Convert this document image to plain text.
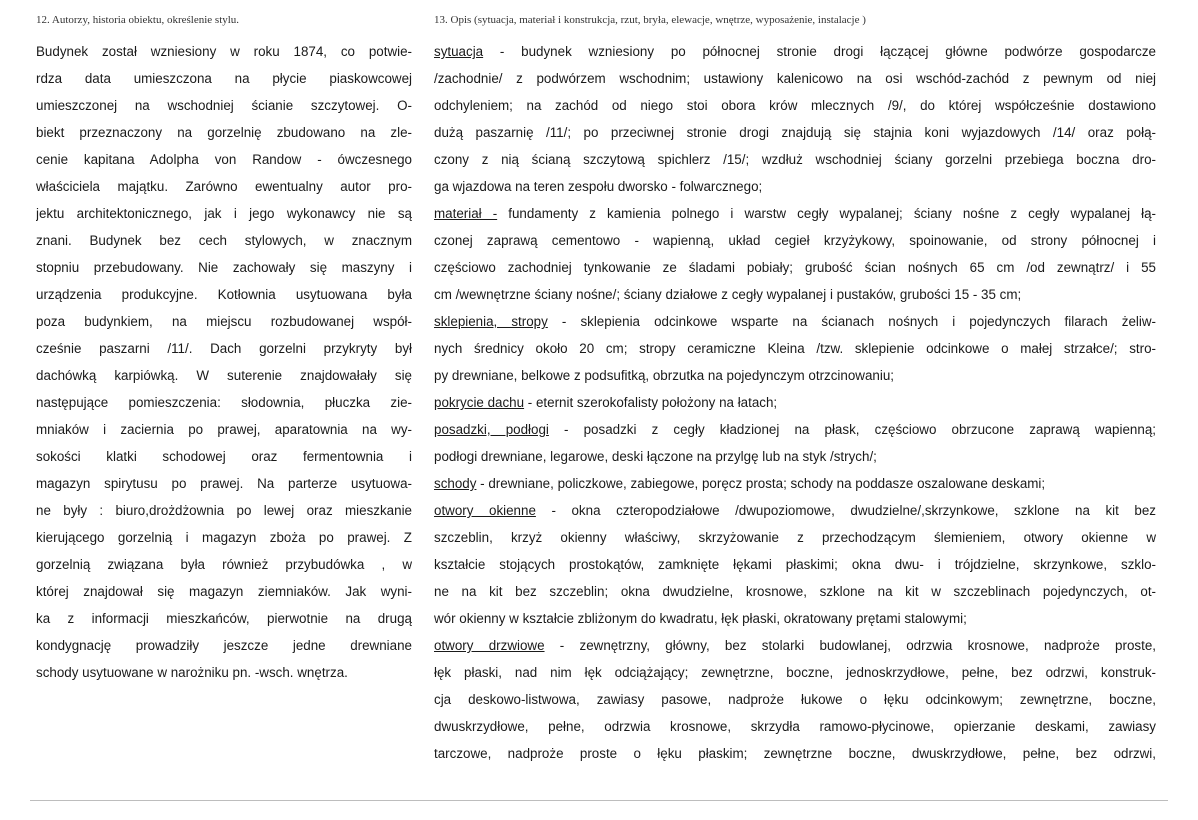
12. Autorzy, historia obiektu, określenie stylu.	13. Opis (sytuacja, materiał i konstrukcja, rzut, bryła, elewacje, wnętrze, wyposażenie, instalacje )
Budynek został wzniesiony w roku 1874, co potwie-
rdza data umieszczona na płycie piaskowcowej
umieszczonej na wschodniej ścianie szczytowej. O-
biekt przeznaczony na gorzelnię zbudowano na zle-
cenie kapitana Adolpha von Randow - ówczesnego
właściciela majątku. Zarówno ewentualny autor pro-
jektu architektonicznego, jak i jego wykonawcy nie są
znani. Budynek bez cech stylowych, w znacznym
stopniu przebudowany. Nie zachowały się maszyny i
urządzenia produkcyjne. Kotłownia usytuowana była
poza budynkiem, na miejscu rozbudowanej współ-
cześnie paszarni /11/. Dach gorzelni przykryty był
dachówką karpiówką. W suterenie znajdowałały się
następujące pomieszczenia: słodownia, płuczka zie-
mniaków i zaciernia po prawej, aparatownia na wy-
sokości klatki schodowej oraz fermentownia i
magazyn spirytusu po prawej. Na parterze usytuowa-
ne były : biuro,drożdżownia po lewej oraz mieszkanie
kierującego gorzelnią i magazyn zboża po prawej. Z
gorzelnią związana była również przybudówka , w
której znajdował się magazyn ziemniaków. Jak wyni-
ka z informacji mieszkańców, pierwotnie na drugą
kondygnację prowadziły jeszcze jedne drewniane
schody usytuowane w narożniku pn. -wsch. wnętrza.
sytuacja - budynek wzniesiony po północnej stronie drogi łączącej główne podwórze gospodarcze
/zachodnie/ z podwórzem wschodnim; ustawiony kalenicowo na osi wschód-zachód z pewnym od niej
odchyleniem; na zachód od niego stoi obora krów mlecznych /9/, do której współcześnie dostawiono
dużą paszarnię /11/; po przeciwnej stronie drogi znajdują się stajnia koni wyjazdowych /14/ oraz połą-
czony z nią ścianą szczytową spichlerz /15/; wzdłuż wschodniej ściany gorzelni przebiega boczna dro-
ga wjazdowa na teren zespołu dworsko - folwarcznego;
materiał - fundamenty z kamienia polnego i warstw cegły wypalanej; ściany nośne z cegły wypalanej łą-
czonej zaprawą cementowo - wapienną, układ cegieł krzyżykowy, spoinowanie, od strony północnej i
częściowo zachodniej tynkowanie ze śladami pobiały; grubość ścian nośnych 65 cm /od zewnątrz/ i 55
cm /wewnętrzne ściany nośne/; ściany działowe z cegły wypalanej i pustaków, grubości 15 - 35 cm;
sklepienia, stropy - sklepienia odcinkowe wsparte na ścianach nośnych i pojedynczych filarach żeliw-
nych średnicy około 20 cm; stropy ceramiczne Kleina /tzw. sklepienie odcinkowe o małej strzałce/; stro-
py drewniane, belkowe z podsufitką, obrzutka na pojedynczym otrzcinowaniu;
pokrycie dachu - eternit szerokofalisty położony na łatach;
posadzki, podłogi - posadzki z cegły kładzionej na płask, częściowo obrzucone zaprawą wapienną;
podłogi drewniane, legarowe, deski łączone na przylgę lub na styk /strych/;
schody - drewniane, policzkowe, zabiegowe, poręcz prosta; schody na poddasze oszalowane deskami;
otwory okienne - okna czteropodziałowe /dwupoziomowe, dwudzielne/,skrzynkowe, szklone na kit bez
szczeblin, krzyż okienny właściwy, skrzyżowanie z przechodzącym ślemieniem, otwory okienne w
kształcie stojących prostokątów, zamknięte łękami płaskimi; okna dwu- i trójdzielne, skrzynkowe, szklo-
ne na kit bez szczeblin; okna dwudzielne, krosnowe, szklone na kit w szczeblinach pojedynczych, ot-
wór okienny w kształcie zbliżonym do kwadratu, łęk płaski, okratowany prętami stalowymi;
otwory drzwiowe - zewnętrzny, główny, bez stolarki budowlanej, odrzwia krosnowe, nadproże proste,
łęk płaski, nad nim łęk odciążający; zewnętrzne, boczne, jednoskrzydłowe, pełne, bez odrzwi, konstruk-
cja deskowo-listwowa, zawiasy pasowe, nadproże łukowe o łęku odcinkowym; zewnętrzne, boczne,
dwuskrzydłowe, pełne, odrzwia krosnowe, skrzydła ramowo-płycinowe, opierzanie deskami, zawiasy
tarczowe, nadproże proste o łęku płaskim; zewnętrzne boczne, dwuskrzydłowe, pełne, bez odrzwi,
